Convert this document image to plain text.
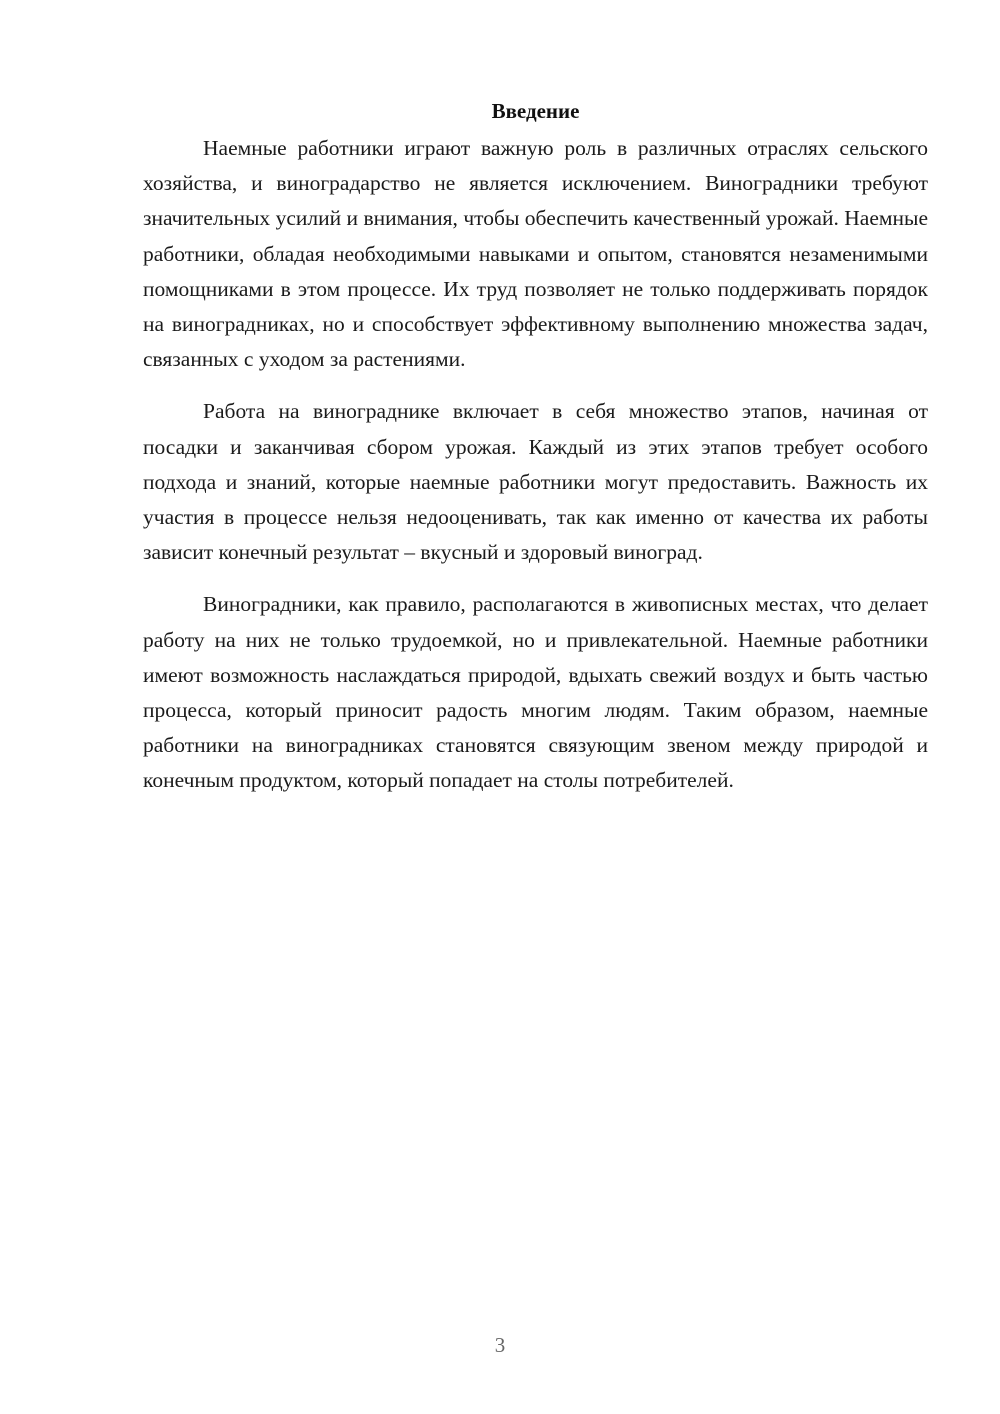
Введение

Наемные работники играют важную роль в различных отраслях сельского хозяйства, и виноградарство не является исключением. Виноградники требуют значительных усилий и внимания, чтобы обеспечить качественный урожай. Наемные работники, обладая необходимыми навыками и опытом, становятся незаменимыми помощниками в этом процессе. Их труд позволяет не только поддерживать порядок на виноградниках, но и способствует эффективному выполнению множества задач, связанных с уходом за растениями.

Работа на винограднике включает в себя множество этапов, начиная от посадки и заканчивая сбором урожая. Каждый из этих этапов требует особого подхода и знаний, которые наемные работники могут предоставить. Важность их участия в процессе нельзя недооценивать, так как именно от качества их работы зависит конечный результат – вкусный и здоровый виноград.

Виноградники, как правило, располагаются в живописных местах, что делает работу на них не только трудоемкой, но и привлекательной. Наемные работники имеют возможность наслаждаться природой, вдыхать свежий воздух и быть частью процесса, который приносит радость многим людям. Таким образом, наемные работники на виноградниках становятся связующим звеном между природой и конечным продуктом, который попадает на столы потребителей.

3
